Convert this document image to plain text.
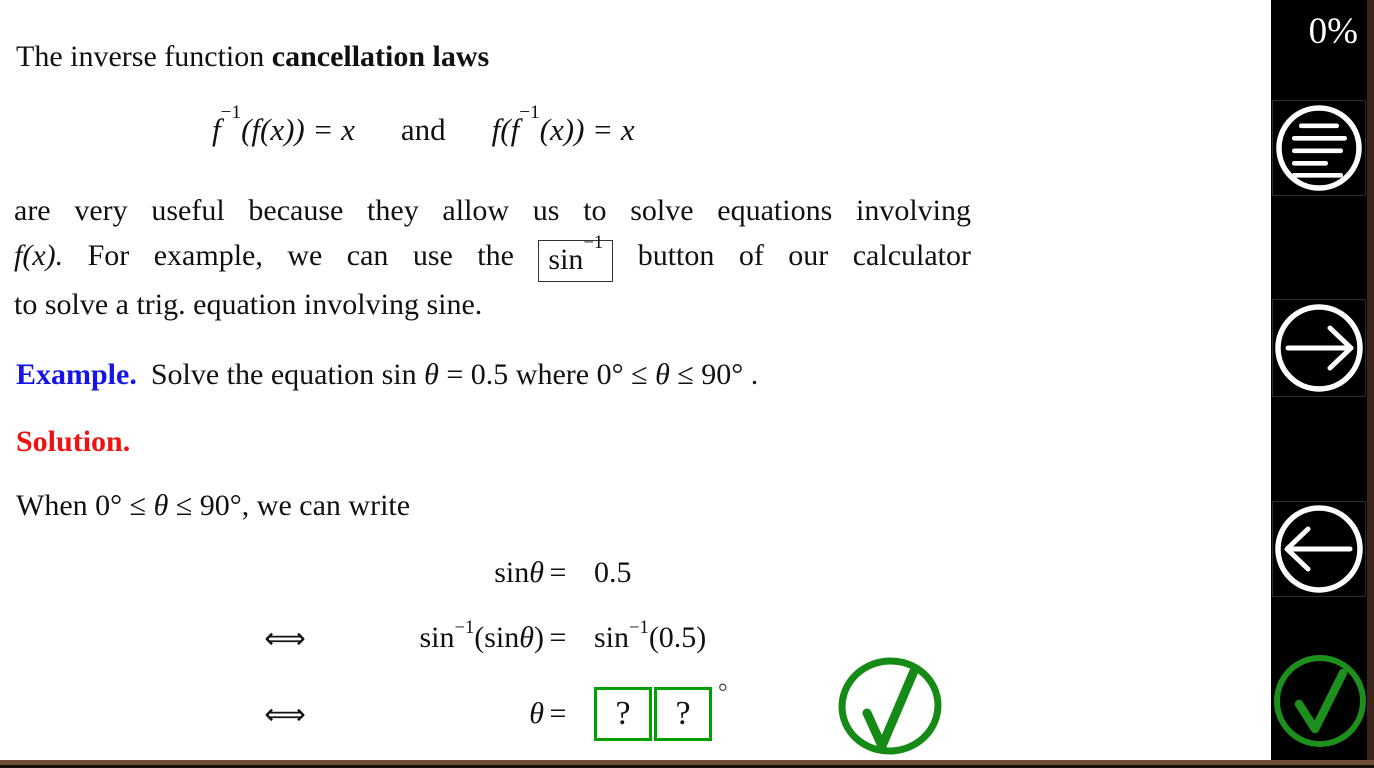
The inverse function cancellation laws
$f^{-1}(f(x)) = x$ and $f(f^{-1}(x)) = x$
are very useful because they allow us to solve equations involving
f(x). For example, we can use the $\sin^{-1}$ button of our calculator
to solve a trig. equation involving sine.
Example. Solve the equation sin θ = 0.5 where 0° ≤ θ ≤ 90° .
Solution.
When 0° ≤ θ ≤ 90°, we can write
sin θ = 0.5
⟺	$\sin^{-1} (\sin$ θ ) = $\sin^{-1} (0.5)$
⟺	θ =	?	?
°
0%
